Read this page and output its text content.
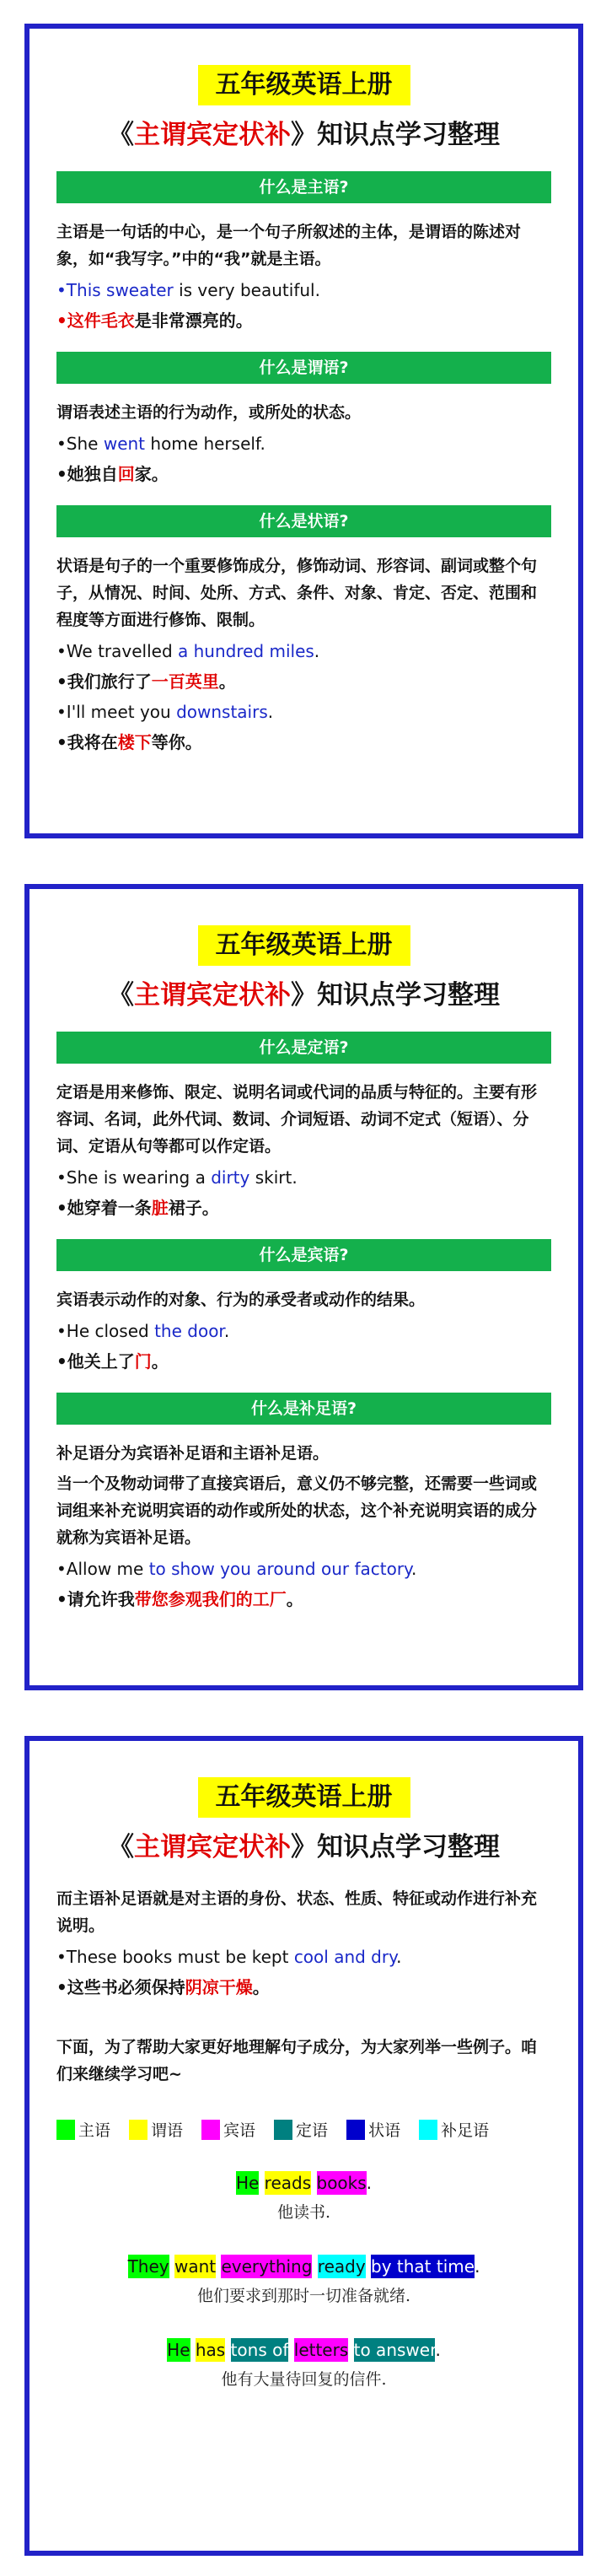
五年级英语上册
《主谓宾定状补》知识点学习整理
什么是主语?
主语是一句话的中心，是一个句子所叙述的主体，是谓语的陈述对象，如“我写字。”中的“我”就是主语。
•This sweater is very beautiful.
•这件毛衣是非常漂亮的。
什么是谓语?
谓语表述主语的行为动作，或所处的状态。
•She went home herself.
•她独自回家。
什么是状语?
状语是句子的一个重要修饰成分，修饰动词、形容词、副词或整个句子，从情况、时间、处所、方式、条件、对象、肯定、否定、范围和程度等方面进行修饰、限制。
•We travelled a hundred miles.
•我们旅行了一百英里。
•I'll meet you downstairs.
•我将在楼下等你。
五年级英语上册
《主谓宾定状补》知识点学习整理
什么是定语?
定语是用来修饰、限定、说明名词或代词的品质与特征的。主要有形容词、名词，此外代词、数词、介词短语、动词不定式（短语）、分词、定语从句等都可以作定语。
•She is wearing a dirty skirt.
•她穿着一条脏裙子。
什么是宾语?
宾语表示动作的对象、行为的承受者或动作的结果。
•He closed the door.
•他关上了门。
什么是补足语?
补足语分为宾语补足语和主语补足语。
当一个及物动词带了直接宾语后，意义仍不够完整，还需要一些词或词组来补充说明宾语的动作或所处的状态，这个补充说明宾语的成分就称为宾语补足语。
•Allow me to show you around our factory.
•请允许我带您参观我们的工厂。
五年级英语上册
《主谓宾定状补》知识点学习整理
而主语补足语就是对主语的身份、状态、性质、特征或动作进行补充说明。
•These books must be kept cool and dry.
•这些书必须保持阴凉干燥。
下面，为了帮助大家更好地理解句子成分，为大家列举一些例子。咱们来继续学习吧~
主语	谓语	宾语	定语	状语	补足语
He reads books.
他读书.
They want everything ready by that time.
他们要求到那时一切准备就绪.
He has tons of letters to answer.
他有大量待回复的信件.
